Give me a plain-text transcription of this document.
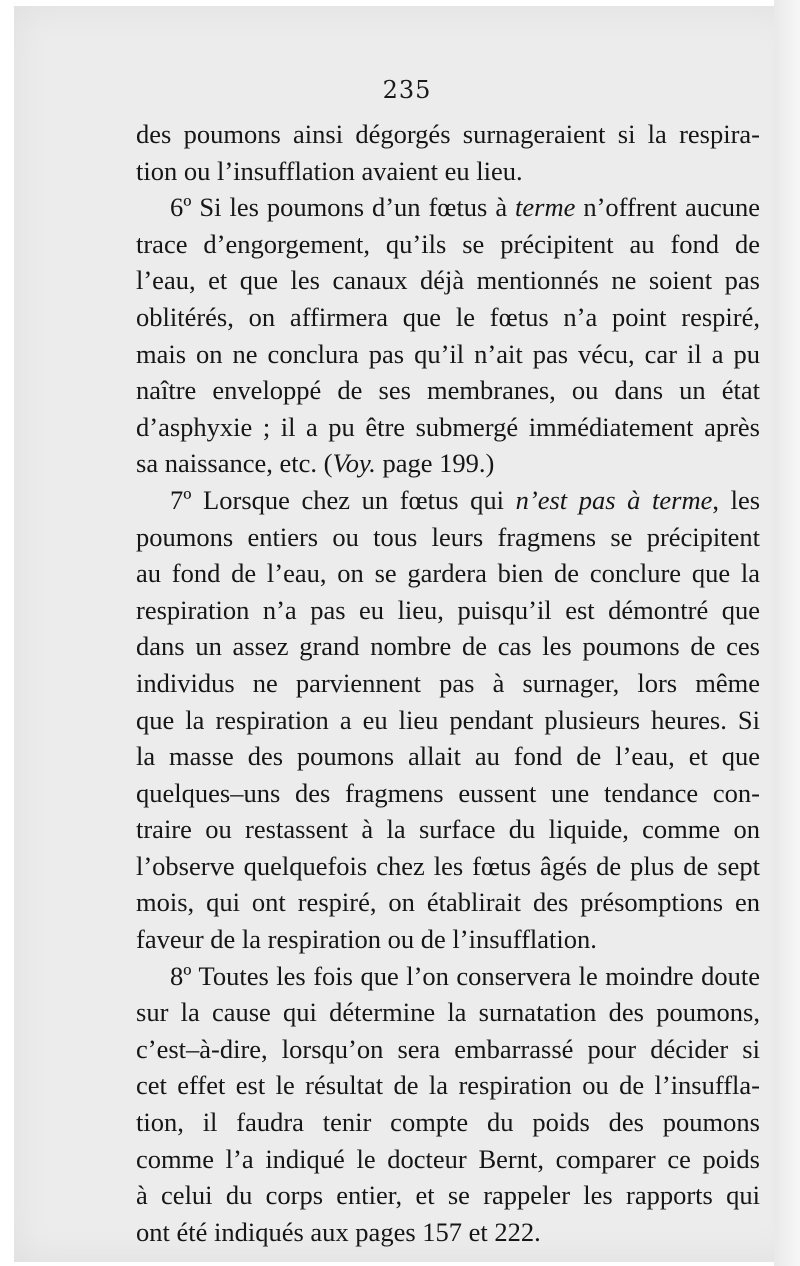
235
des poumons ainsi dégorgés surnageraient si la respira-
tion ou l’insufflation avaient eu lieu.
6º Si les poumons d’un fœtus à terme n’offrent aucune
trace d’engorgement, qu’ils se précipitent au fond de
l’eau, et que les canaux déjà mentionnés ne soient pas
oblitérés, on affirmera que le fœtus n’a point respiré,
mais on ne conclura pas qu’il n’ait pas vécu, car il a pu
naître enveloppé de ses membranes, ou dans un état
d’asphyxie ; il a pu être submergé immédiatement après
sa naissance, etc. (Voy. page 199.)
7º Lorsque chez un fœtus qui n’est pas à terme, les
poumons entiers ou tous leurs fragmens se précipitent
au fond de l’eau, on se gardera bien de conclure que la
respiration n’a pas eu lieu, puisqu’il est démontré que
dans un assez grand nombre de cas les poumons de ces
individus ne parviennent pas à surnager, lors même
que la respiration a eu lieu pendant plusieurs heures. Si
la masse des poumons allait au fond de l’eau, et que
quelques–uns des fragmens eussent une tendance con-
traire ou restassent à la surface du liquide, comme on
l’observe quelquefois chez les fœtus âgés de plus de sept
mois, qui ont respiré, on établirait des présomptions en
faveur de la respiration ou de l’insufflation.
8º Toutes les fois que l’on conservera le moindre doute
sur la cause qui détermine la surnatation des poumons,
c’est–à-dire, lorsqu’on sera embarrassé pour décider si
cet effet est le résultat de la respiration ou de l’insuffla-
tion, il faudra tenir compte du poids des poumons
comme l’a indiqué le docteur Bernt, comparer ce poids
à celui du corps entier, et se rappeler les rapports qui
ont été indiqués aux pages 157 et 222.
